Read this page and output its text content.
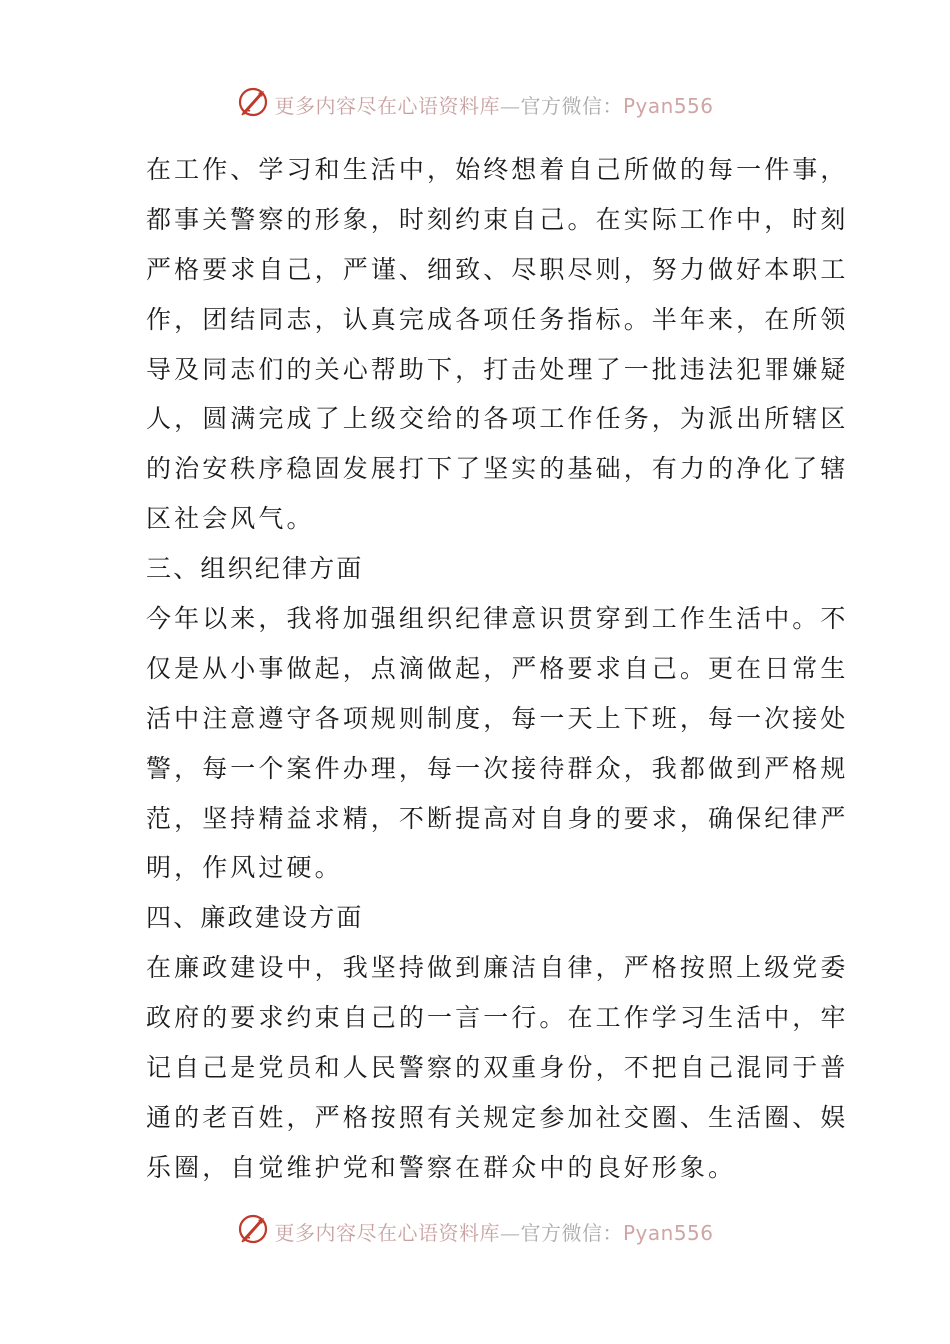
更多内容尽在心语资料库—官方微信：Pyan556
在工作、学习和生活中，始终想着自己所做的每一件事，
都事关警察的形象，时刻约束自己。在实际工作中，时刻
严格要求自己，严谨、细致、尽职尽则，努力做好本职工
作，团结同志，认真完成各项任务指标。半年来，在所领
导及同志们的关心帮助下，打击处理了一批违法犯罪嫌疑
人，圆满完成了上级交给的各项工作任务，为派出所辖区
的治安秩序稳固发展打下了坚实的基础，有力的净化了辖
区社会风气。
三、组织纪律方面
今年以来，我将加强组织纪律意识贯穿到工作生活中。不
仅是从小事做起，点滴做起，严格要求自己。更在日常生
活中注意遵守各项规则制度，每一天上下班，每一次接处
警，每一个案件办理，每一次接待群众，我都做到严格规
范，坚持精益求精，不断提高对自身的要求，确保纪律严
明，作风过硬。
四、廉政建设方面
在廉政建设中，我坚持做到廉洁自律，严格按照上级党委
政府的要求约束自己的一言一行。在工作学习生活中，牢
记自己是党员和人民警察的双重身份，不把自己混同于普
通的老百姓，严格按照有关规定参加社交圈、生活圈、娱
乐圈，自觉维护党和警察在群众中的良好形象。
更多内容尽在心语资料库—官方微信：Pyan556
